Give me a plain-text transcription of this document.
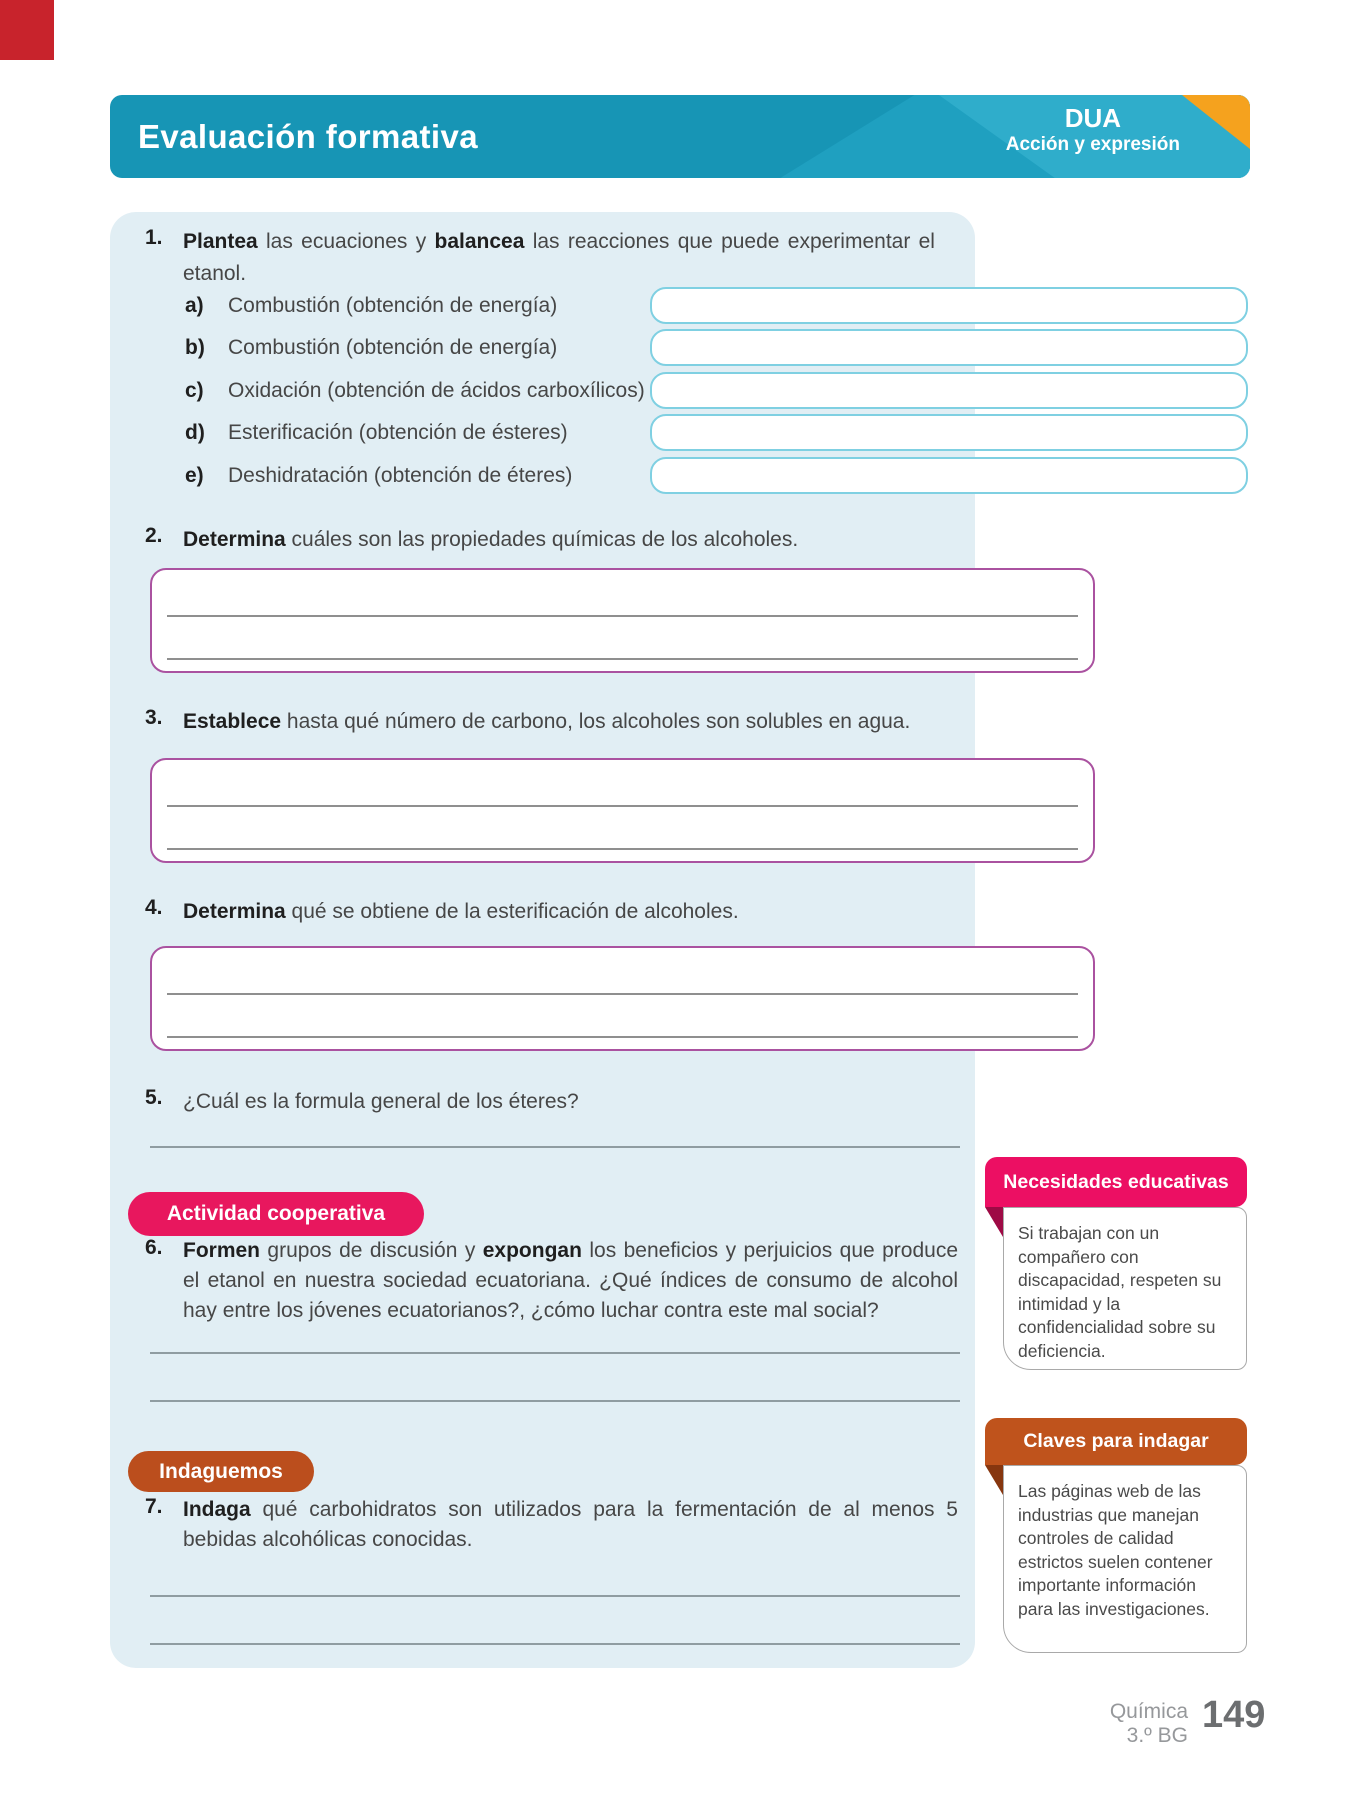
Evaluación formativa	DUA
Acción y expresión
1. Plantea las ecuaciones y balancea las reacciones que puede experimentar el etanol.
a) Combustión (obtención de energía)
b) Combustión (obtención de energía)
c) Oxidación (obtención de ácidos carboxílicos)
d) Esterificación (obtención de ésteres)
e) Deshidratación (obtención de éteres)
2. Determina cuáles son las propiedades químicas de los alcoholes.
3. Establece hasta qué número de carbono, los alcoholes son solubles en agua.
4. Determina qué se obtiene de la esterificación de alcoholes.
5. ¿Cuál es la formula general de los éteres?
Actividad cooperativa
6. Formen grupos de discusión y expongan los beneficios y perjuicios que produce el etanol en nuestra sociedad ecuatoriana. ¿Qué índices de consumo de alcohol hay entre los jóvenes ecuatorianos?, ¿cómo luchar contra este mal social?
Indaguemos
7. Indaga qué carbohidratos son utilizados para la fermentación de al menos 5 bebidas alcohólicas conocidas.
Necesidades educativas
Si trabajan con un compañero con discapacidad, respeten su intimidad y la confidencialidad sobre su deficiencia.
Claves para indagar
Las páginas web de las industrias que manejan controles de calidad estrictos suelen contener importante información para las investigaciones.
Química
3.º BG 149
